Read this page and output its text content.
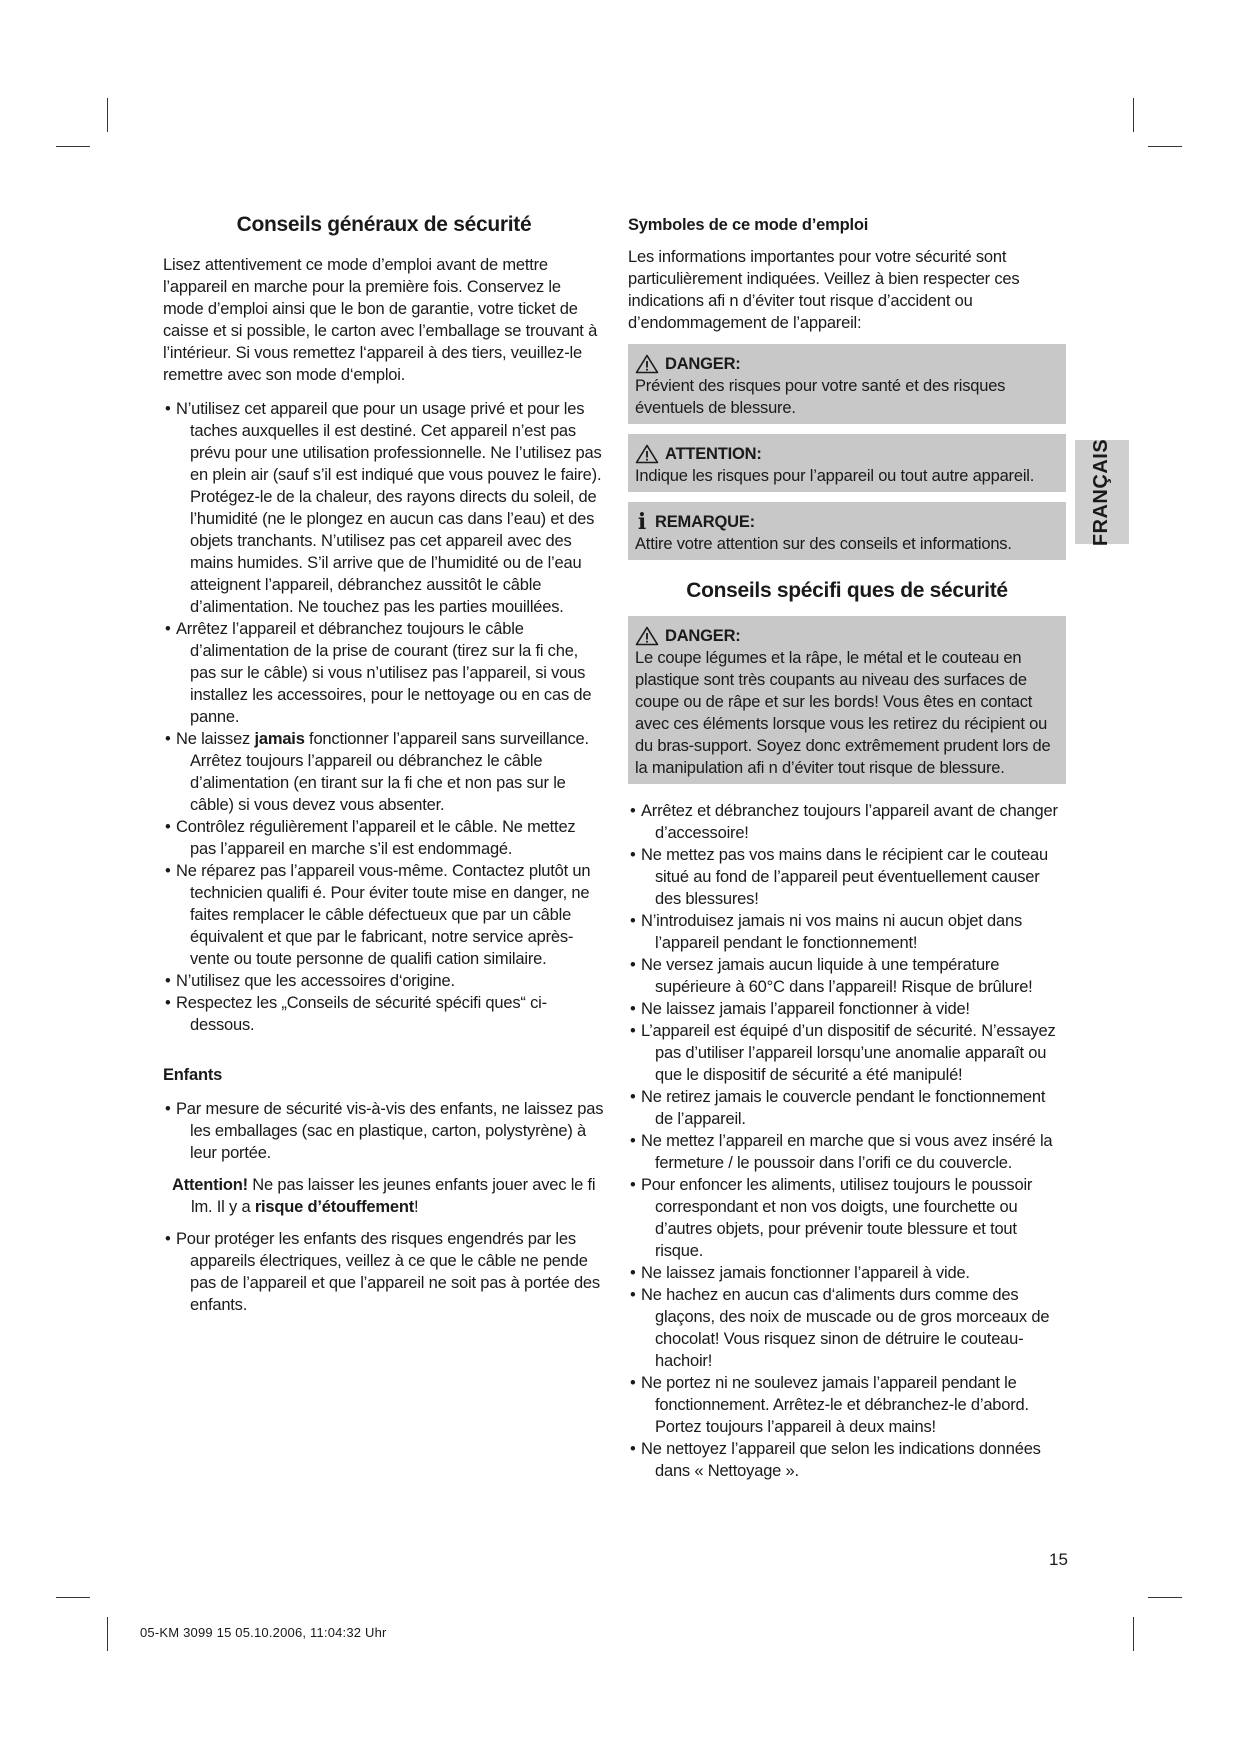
Conseils généraux de sécurité

Lisez attentivement ce mode d’emploi avant de mettre l’appareil en marche pour la première fois. Conservez le mode d’emploi ainsi que le bon de garantie, votre ticket de caisse et si possible, le carton avec l’emballage se trouvant à l’intérieur. Si vous remettez l‘appareil à des tiers, veuillez-le remettre avec son mode d‘emploi.

• N’utilisez cet appareil que pour un usage privé et pour les taches auxquelles il est destiné. Cet appareil n’est pas prévu pour une utilisation professionnelle. Ne l’utilisez pas en plein air (sauf s’il est indiqué que vous pouvez le faire). Protégez-le de la chaleur, des rayons directs du soleil, de l’humidité (ne le plongez en aucun cas dans l’eau) et des objets tranchants. N’utilisez pas cet appareil avec des mains humides. S’il arrive que de l’humidité ou de l’eau atteignent l’appareil, débranchez aussitôt le câble d’alimentation. Ne touchez pas les parties mouillées.
• Arrêtez l’appareil et débranchez toujours le câble d’alimentation de la prise de courant (tirez sur la fi che, pas sur le câble) si vous n’utilisez pas l’appareil, si vous installez les accessoires, pour le nettoyage ou en cas de panne.
• Ne laissez jamais fonctionner l’appareil sans surveillance. Arrêtez toujours l’appareil ou débranchez le câble d’alimentation (en tirant sur la fi che et non pas sur le câble) si vous devez vous absenter.
• Contrôlez régulièrement l’appareil et le câble. Ne mettez pas l’appareil en marche s’il est endommagé.
• Ne réparez pas l’appareil vous-même. Contactez plutôt un technicien qualifi é. Pour éviter toute mise en danger, ne faites remplacer le câble défectueux que par un câble équivalent et que par le fabricant, notre service après-vente ou toute personne de qualifi cation similaire.
• N’utilisez que les accessoires d‘origine.
• Respectez les „Conseils de sécurité spécifi ques“ ci-dessous.
Enfants
• Par mesure de sécurité vis-à-vis des enfants, ne laissez pas les emballages (sac en plastique, carton, polystyrène) à leur portée.

Attention! Ne pas laisser les jeunes enfants jouer avec le fi lm. Il y a risque d’étouffement!

• Pour protéger les enfants des risques engendrés par les appareils électriques, veillez à ce que le câble ne pende pas de l’appareil et que l’appareil ne soit pas à portée des enfants.
Symboles de ce mode d’emploi

Les informations importantes pour votre sécurité sont particulièrement indiquées. Veillez à bien respecter ces indications afi n d’éviter tout risque d’accident ou d’endommagement de l’appareil:

DANGER:

Prévient des risques pour votre santé et des risques éventuels de blessure.

ATTENTION:

Indique les risques pour l’appareil ou tout autre appareil.

i REMARQUE:

Attire votre attention sur des conseils et informations.

Conseils spécifi ques de sécurité
DANGER:

Le coupe légumes et la râpe, le métal et le couteau en plastique sont très coupants au niveau des surfaces de coupe ou de râpe et sur les bords! Vous êtes en contact avec ces éléments lorsque vous les retirez du récipient ou du bras-support. Soyez donc extrêmement prudent lors de la manipulation afi n d’éviter tout risque de blessure.

• Arrêtez et débranchez toujours l’appareil avant de changer d’accessoire!
• Ne mettez pas vos mains dans le récipient car le couteau situé au fond de l’appareil peut éventuellement causer des blessures!
• N’introduisez jamais ni vos mains ni aucun objet dans l’appareil pendant le fonctionnement!
• Ne versez jamais aucun liquide à une température supérieure à 60°C dans l’appareil! Risque de brûlure!
• Ne laissez jamais l’appareil fonctionner à vide!
• L’appareil est équipé d’un dispositif de sécurité. N’essayez pas d’utiliser l’appareil lorsqu’une anomalie apparaît ou que le dispositif de sécurité a été manipulé!
• Ne retirez jamais le couvercle pendant le fonctionnement de l’appareil.
• Ne mettez l’appareil en marche que si vous avez inséré la fermeture / le poussoir dans l’orifi ce du couvercle.
• Pour enfoncer les aliments, utilisez toujours le poussoir correspondant et non vos doigts, une fourchette ou d’autres objets, pour prévenir toute blessure et tout risque.
• Ne laissez jamais fonctionner l’appareil à vide.
• Ne hachez en aucun cas d‘aliments durs comme des glaçons, des noix de muscade ou de gros morceaux de chocolat! Vous risquez sinon de détruire le couteau-hachoir!
• Ne portez ni ne soulevez jamais l’appareil pendant le fonctionnement. Arrêtez-le et débranchez-le d’abord. Portez toujours l’appareil à deux mains!
• Ne nettoyez l’appareil que selon les indications données dans « Nettoyage ».
FRANÇAIS
15
05-KM 3099 15 05.10.2006, 11:04:32 Uhr
